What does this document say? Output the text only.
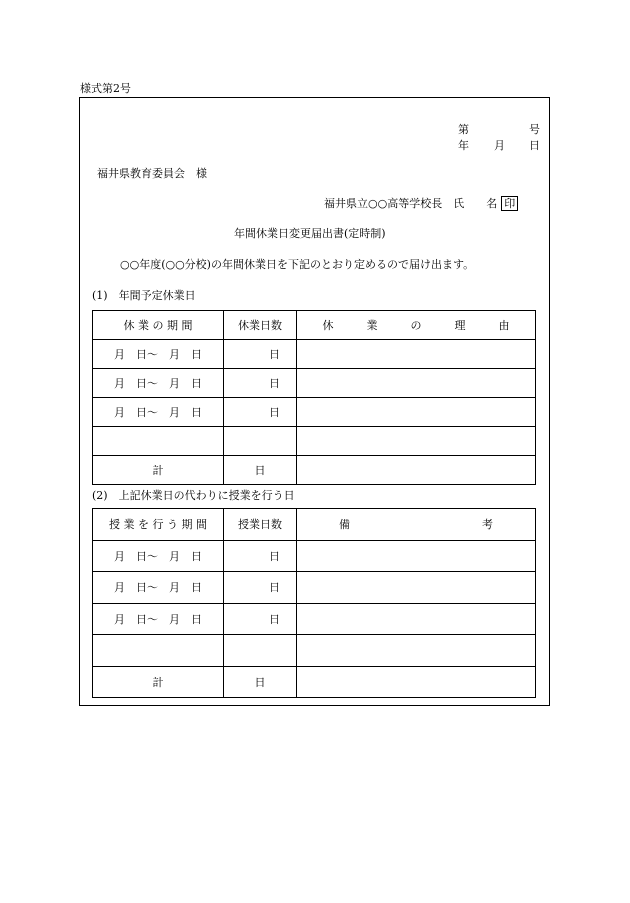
様式第2号
第	号
年 月 日
福井県教育委員会　様
福井県立○○高等学校長　氏　　名 印
年間休業日変更届出書(定時制)
○○年度(○○分校)の年間休業日を下記のとおり定めるので届け出ます。
(1)　年間予定休業日
休 業 の 期 間	休業日数	休　　　業　　　の　　　理　　　由
月　日〜　月　日	日	
月　日〜　月　日	日	
月　日〜　月　日	日	

計	日	
(2)　上記休業日の代わりに授業を行う日
授 業 を 行 う 期 間	授業日数	備　　　　　　　　　　　　考
月　日〜　月　日	日	
月　日〜　月　日	日	
月　日〜　月　日	日	

計	日	
